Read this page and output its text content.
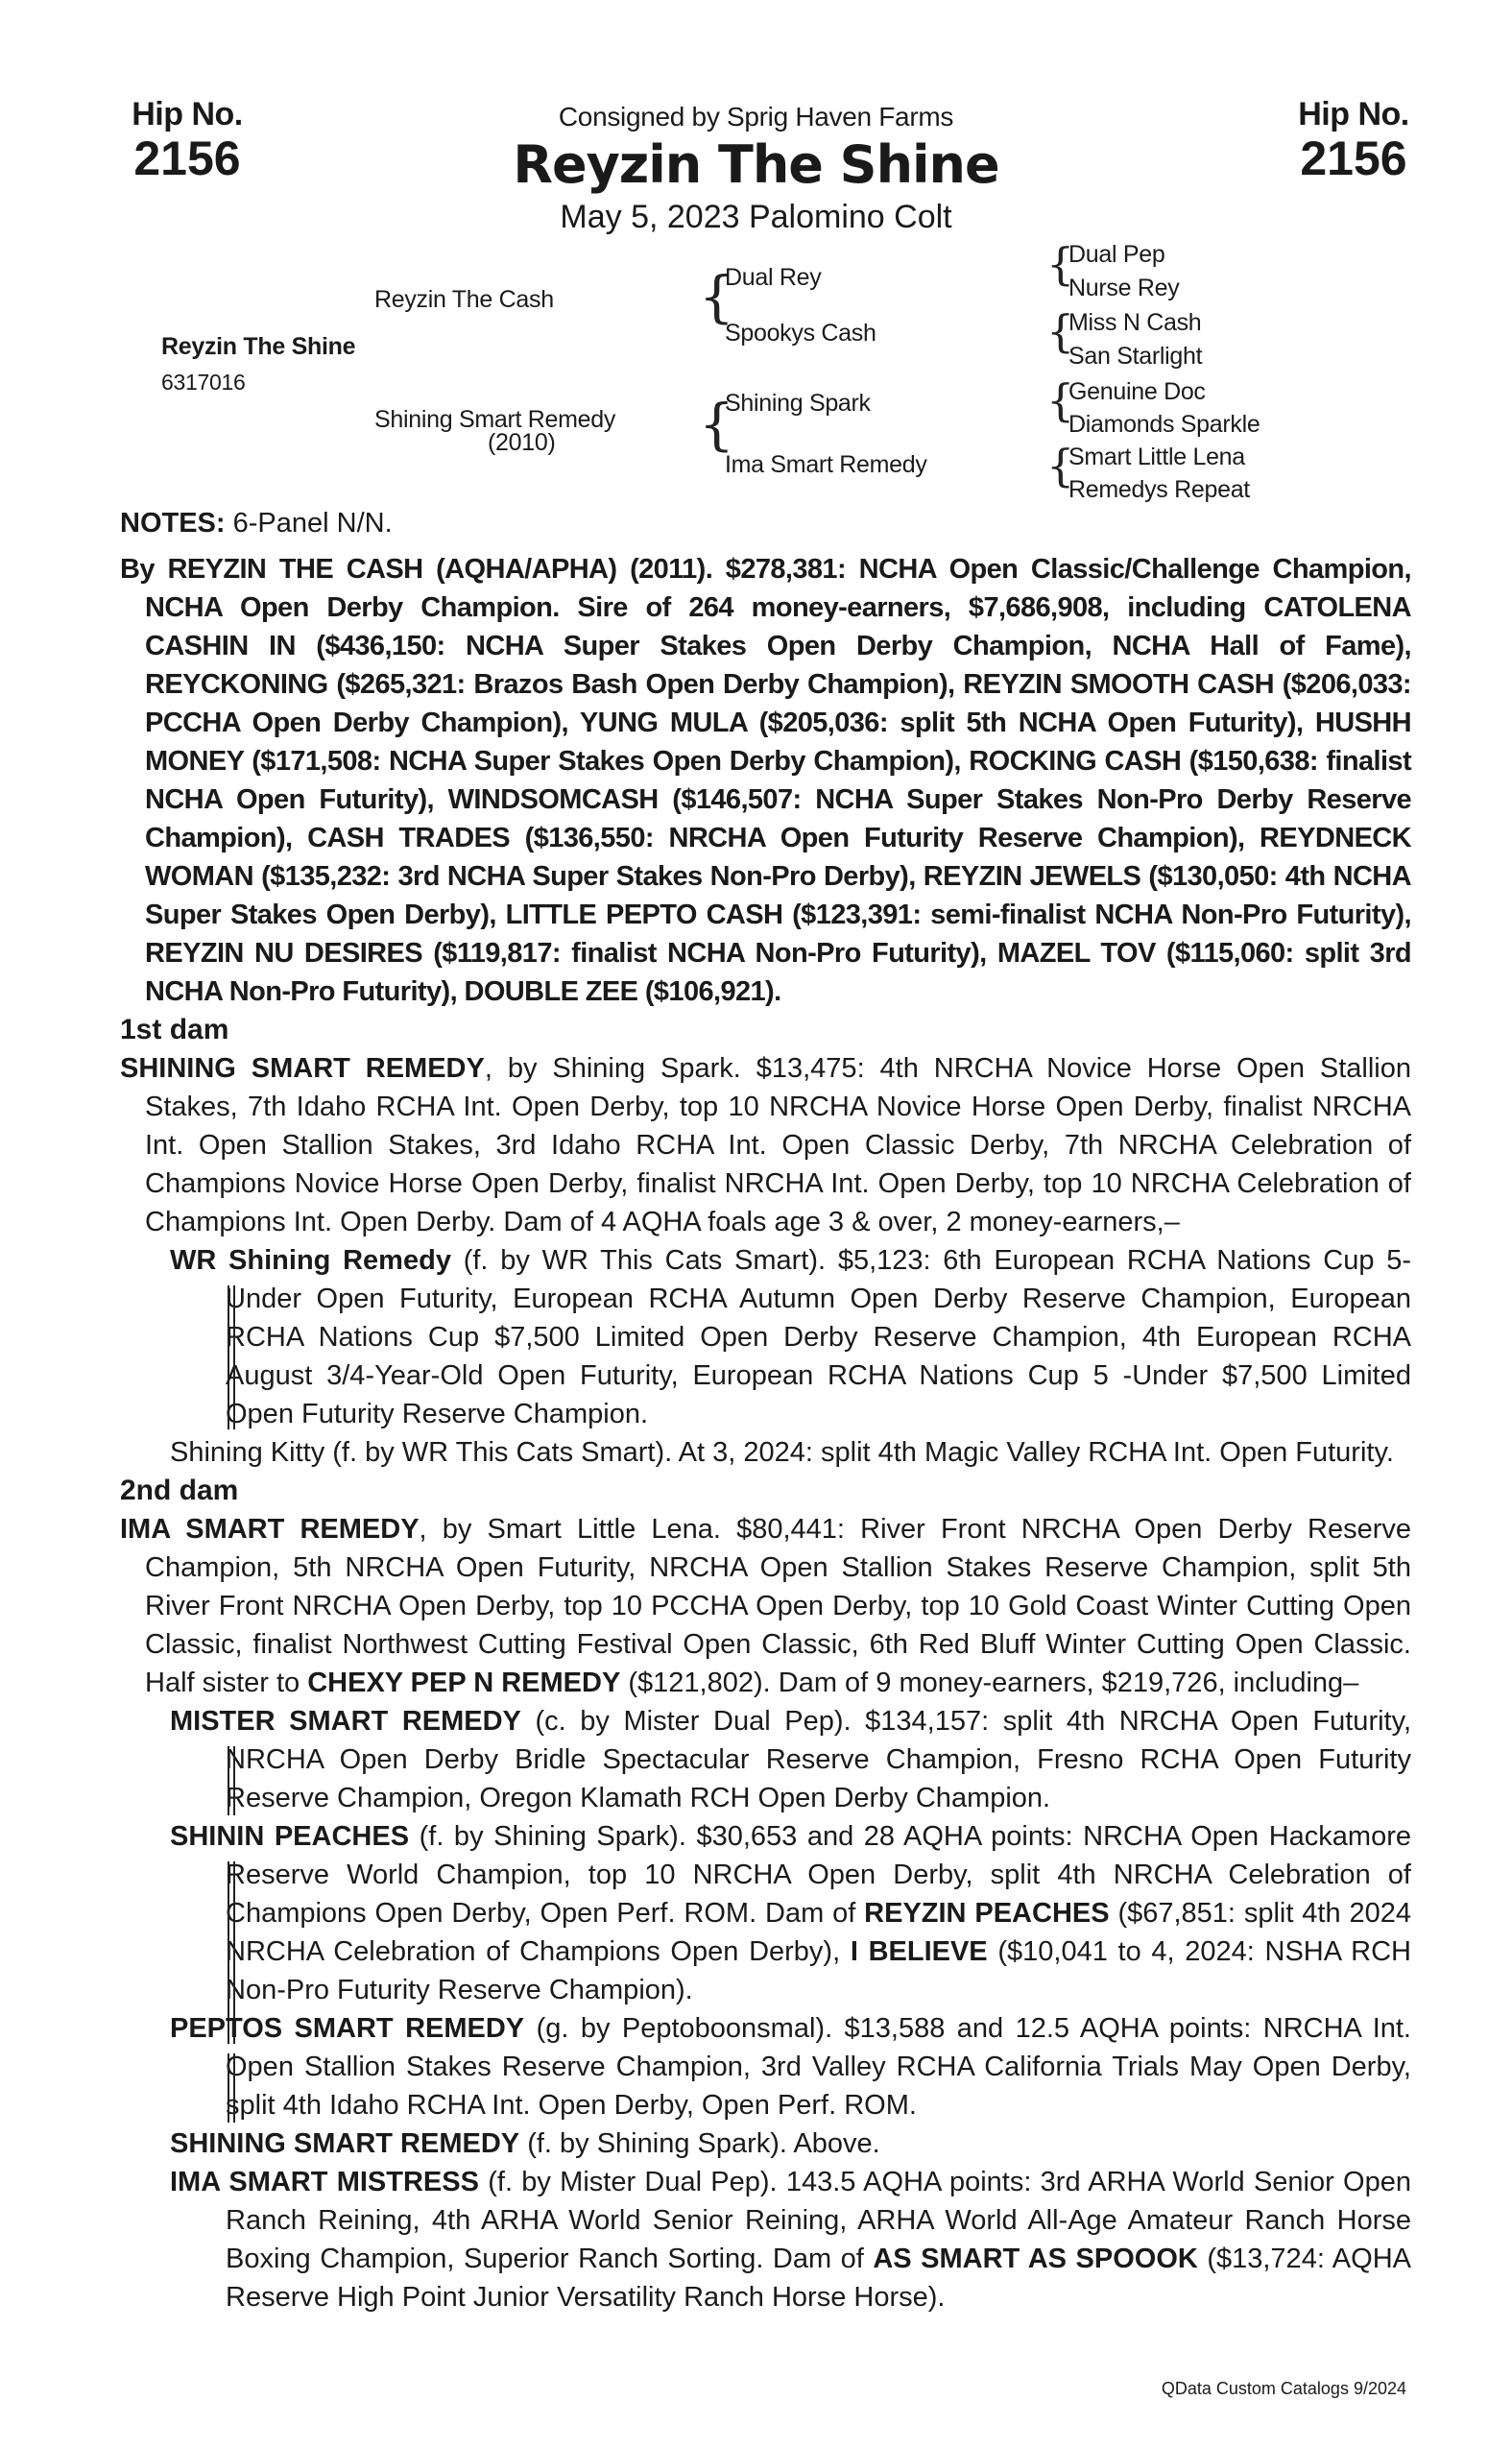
Hip No.
2156
Hip No.
2156
Consigned by Sprig Haven Farms
Reyzin The Shine
May 5, 2023 Palomino Colt
Reyzin The Shine
6317016
Reyzin The Cash
Shining Smart Remedy
(2010)
{
{
Dual Rey
Spookys Cash
Shining Spark
Ima Smart Remedy
{
{
{
{
Dual Pep
Nurse Rey
Miss N Cash
San Starlight
Genuine Doc
Diamonds Sparkle
Smart Little Lena
Remedys Repeat

NOTES: 6-Panel N/N.

By REYZIN THE CASH (AQHA/APHA) (2011). $278,381: NCHA Open Classic/Challenge Champion, NCHA Open Derby Champion. Sire of 264 money-earners, $7,686,908, including CATOLENA CASHIN IN ($436,150: NCHA Super Stakes Open Derby Champion, NCHA Hall of Fame), REYCKONING ($265,321: Brazos Bash Open Derby Champion), REYZIN SMOOTH CASH ($206,033: PCCHA Open Derby Champion), YUNG MULA ($205,036: split 5th NCHA Open Futurity), HUSHH MONEY ($171,508: NCHA Super Stakes Open Derby Champion), ROCKING CASH ($150,638: finalist NCHA Open Futurity), WINDSOMCASH ($146,507: NCHA Super Stakes Non-Pro Derby Reserve Champion), CASH TRADES ($136,550: NRCHA Open Futurity Reserve Champion), REYDNECK WOMAN ($135,232: 3rd NCHA Super Stakes Non-Pro Derby), REYZIN JEWELS ($130,050: 4th NCHA Super Stakes Open Derby), LITTLE PEPTO CASH ($123,391: semi-finalist NCHA Non-Pro Futurity), REYZIN NU DESIRES ($119,817: finalist NCHA Non-Pro Futurity), MAZEL TOV ($115,060: split 3rd NCHA Non-Pro Futurity), DOUBLE ZEE ($106,921).

1st dam

SHINING SMART REMEDY, by Shining Spark. $13,475: 4th NRCHA Novice Horse Open Stallion Stakes, 7th Idaho RCHA Int. Open Derby, top 10 NRCHA Novice Horse Open Derby, finalist NRCHA Int. Open Stallion Stakes, 3rd Idaho RCHA Int. Open Classic Derby, 7th NRCHA Celebration of Champions Novice Horse Open Derby, finalist NRCHA Int. Open Derby, top 10 NRCHA Celebration of Champions Int. Open Derby. Dam of 4 AQHA foals age 3 & over, 2 money-earners,–

WR Shining Remedy (f. by WR This Cats Smart). $5,123: 6th European RCHA Nations Cup 5-Under Open Futurity, European RCHA Autumn Open Derby Reserve Champion, European RCHA Nations Cup $7,500 Limited Open Derby Reserve Champion, 4th European RCHA August 3/4-Year-Old Open Futurity, European RCHA Nations Cup 5 -Under $7,500 Limited Open Futurity Reserve Champion.

Shining Kitty (f. by WR This Cats Smart). At 3, 2024: split 4th Magic Valley RCHA Int. Open Futurity.

2nd dam

IMA SMART REMEDY, by Smart Little Lena. $80,441: River Front NRCHA Open Derby Reserve Champion, 5th NRCHA Open Futurity, NRCHA Open Stallion Stakes Reserve Champion, split 5th River Front NRCHA Open Derby, top 10 PCCHA Open Derby, top 10 Gold Coast Winter Cutting Open Classic, finalist Northwest Cutting Festival Open Classic, 6th Red Bluff Winter Cutting Open Classic. Half sister to CHEXY PEP N REMEDY ($121,802). Dam of 9 money-earners, $219,726, including–

MISTER SMART REMEDY (c. by Mister Dual Pep). $134,157: split 4th NRCHA Open Futurity, NRCHA Open Derby Bridle Spectacular Reserve Champion, Fresno RCHA Open Futurity Reserve Champion, Oregon Klamath RCH Open Derby Champion.

SHININ PEACHES (f. by Shining Spark). $30,653 and 28 AQHA points: NRCHA Open Hackamore Reserve World Champion, top 10 NRCHA Open Derby, split 4th NRCHA Celebration of Champions Open Derby, Open Perf. ROM. Dam of REYZIN PEACHES ($67,851: split 4th 2024 NRCHA Celebration of Champions Open Derby), I BELIEVE ($10,041 to 4, 2024: NSHA RCH Non-Pro Futurity Reserve Champion).

PEPTOS SMART REMEDY (g. by Peptoboonsmal). $13,588 and 12.5 AQHA points: NRCHA Int. Open Stallion Stakes Reserve Champion, 3rd Valley RCHA California Trials May Open Derby, split 4th Idaho RCHA Int. Open Derby, Open Perf. ROM.

SHINING SMART REMEDY (f. by Shining Spark). Above.

IMA SMART MISTRESS (f. by Mister Dual Pep). 143.5 AQHA points: 3rd ARHA World Senior Open Ranch Reining, 4th ARHA World Senior Reining, ARHA World All-Age Amateur Ranch Horse Boxing Champion, Superior Ranch Sorting. Dam of AS SMART AS SPOOOK ($13,724: AQHA Reserve High Point Junior Versatility Ranch Horse Horse).

QData Custom Catalogs 9/2024
